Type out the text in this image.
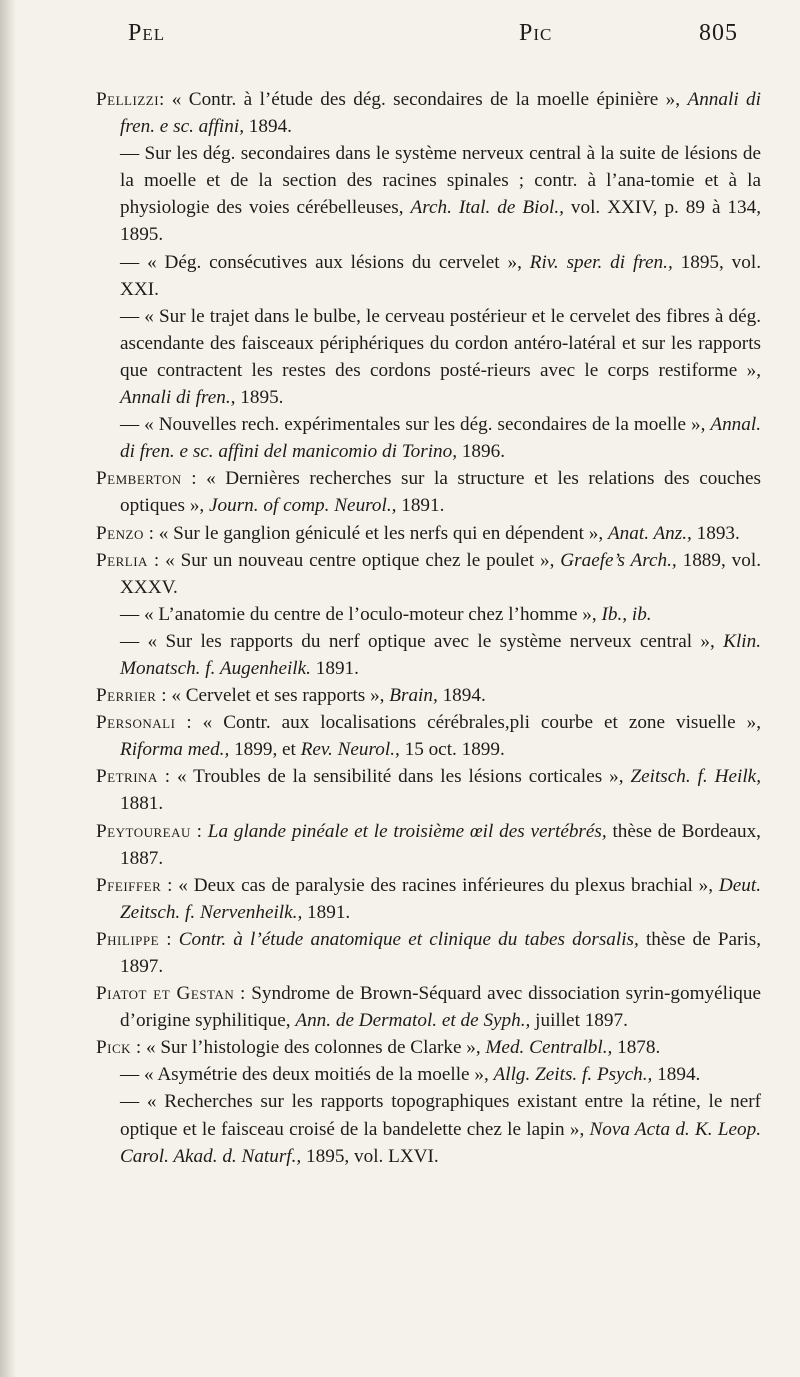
Pel	Pic	805

Pellizzi: « Contr. à l’étude des dég. secondaires de la moelle épinière », Annali di fren. e sc. affini, 1894.

— Sur les dég. secondaires dans le système nerveux central à la suite de lésions de la moelle et de la section des racines spinales ; contr. à l’ana-tomie et à la physiologie des voies cérébelleuses, Arch. Ital. de Biol., vol. XXIV, p. 89 à 134, 1895.

— « Dég. consécutives aux lésions du cervelet », Riv. sper. di fren., 1895, vol. XXI.

— « Sur le trajet dans le bulbe, le cerveau postérieur et le cervelet des fibres à dég. ascendante des faisceaux périphériques du cordon antéro-latéral et sur les rapports que contractent les restes des cordons posté-rieurs avec le corps restiforme », Annali di fren., 1895.

— « Nouvelles rech. expérimentales sur les dég. secondaires de la moelle », Annal. di fren. e sc. affini del manicomio di Torino, 1896.

Pemberton : « Dernières recherches sur la structure et les relations des couches optiques », Journ. of comp. Neurol., 1891.

Penzo : « Sur le ganglion géniculé et les nerfs qui en dépendent », Anat. Anz., 1893.

Perlia : « Sur un nouveau centre optique chez le poulet », Graefe’s Arch., 1889, vol. XXXV.

— « L’anatomie du centre de l’oculo-moteur chez l’homme », Ib., ib.

— « Sur les rapports du nerf optique avec le système nerveux central », Klin. Monatsch. f. Augenheilk. 1891.

Perrier : « Cervelet et ses rapports », Brain, 1894.

Personali : « Contr. aux localisations cérébrales,pli courbe et zone visuelle », Riforma med., 1899, et Rev. Neurol., 15 oct. 1899.

Petrina : « Troubles de la sensibilité dans les lésions corticales », Zeitsch. f. Heilk, 1881.

Peytoureau : La glande pinéale et le troisième œil des vertébrés, thèse de Bordeaux, 1887.

Pfeiffer : « Deux cas de paralysie des racines inférieures du plexus brachial », Deut. Zeitsch. f. Nervenheilk., 1891.

Philippe : Contr. à l’étude anatomique et clinique du tabes dorsalis, thèse de Paris, 1897.

Piatot et Gestan : Syndrome de Brown-Séquard avec dissociation syrin-gomyélique d’origine syphilitique, Ann. de Dermatol. et de Syph., juillet 1897.

Pick : « Sur l’histologie des colonnes de Clarke », Med. Centralbl., 1878.

— « Asymétrie des deux moitiés de la moelle », Allg. Zeits. f. Psych., 1894.

— « Recherches sur les rapports topographiques existant entre la rétine, le nerf optique et le faisceau croisé de la bandelette chez le lapin », Nova Acta d. K. Leop. Carol. Akad. d. Naturf., 1895, vol. LXVI.
